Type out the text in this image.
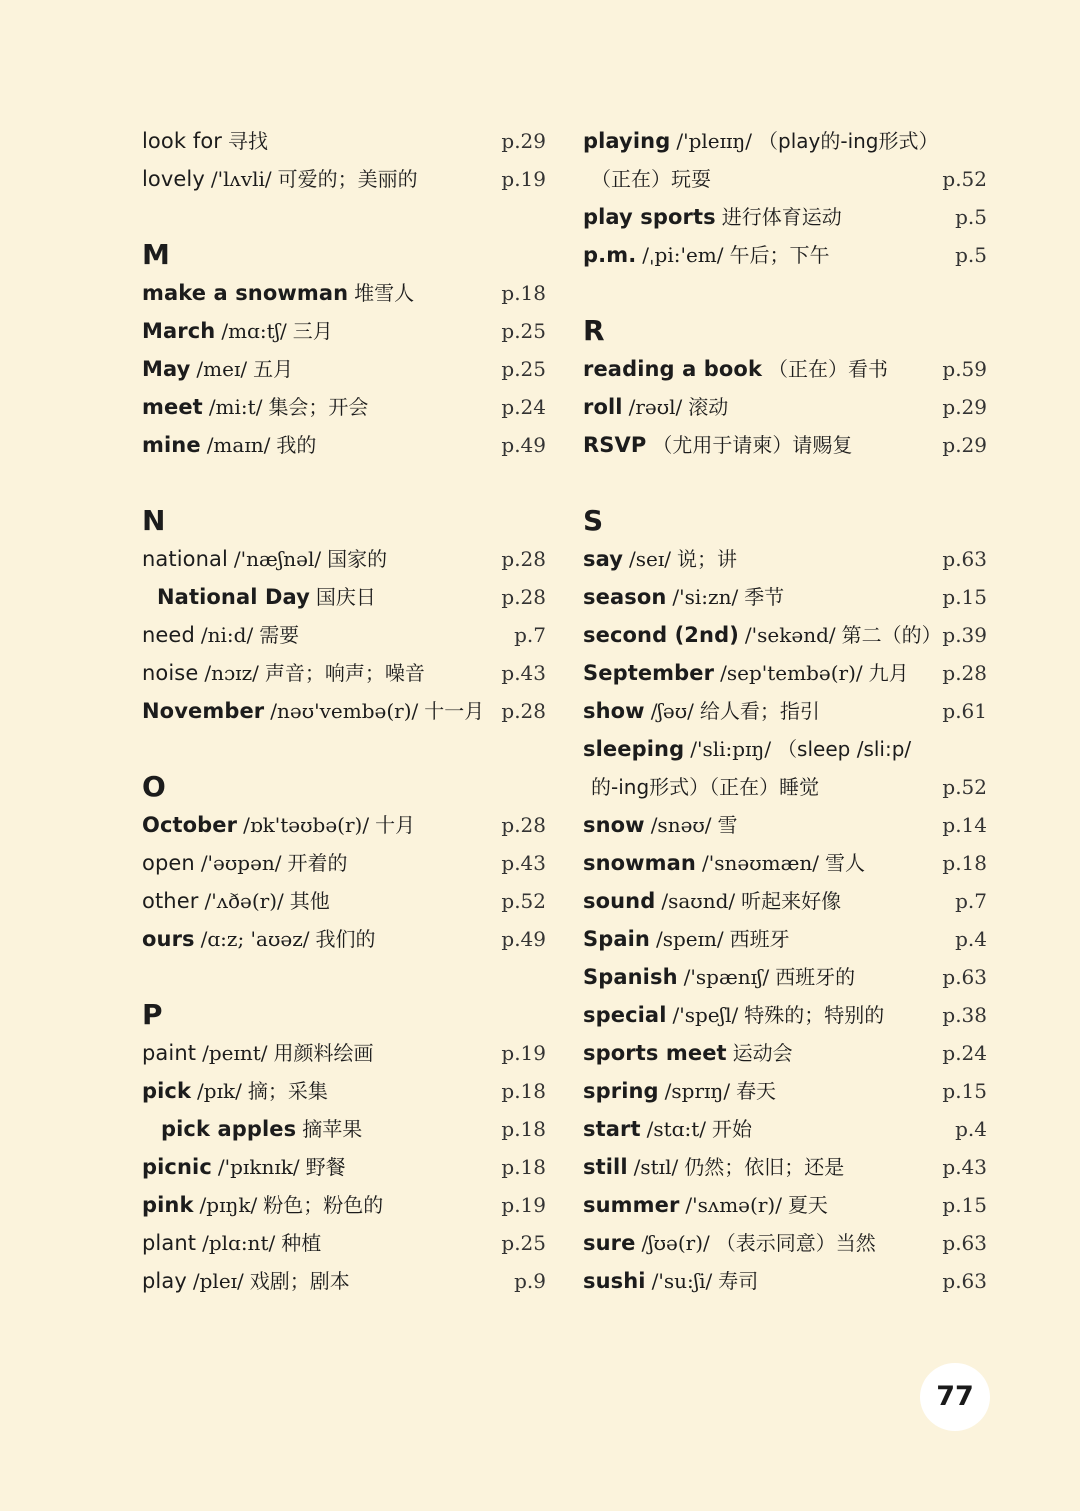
look for 寻找	p.29
lovely /'lʌvli/ 可爱的；美丽的	p.19
M
make a snowman 堆雪人	p.18
March /mɑ:tʃ/ 三月	p.25
May /meɪ/ 五月	p.25
meet /mi:t/ 集会；开会	p.24
mine /maɪn/ 我的	p.49
N
national /'næʃnəl/ 国家的	p.28
National Day 国庆日	p.28
need /ni:d/ 需要	p.7
noise /nɔɪz/ 声音；响声；噪音	p.43
November /nəʊ'vembə(r)/ 十一月 p.28
O
October /ɒk'təʊbə(r)/ 十月	p.28
open /'əʊpən/ 开着的	p.43
other /'ʌðə(r)/ 其他	p.52
ours /ɑ:z; 'aʊəz/ 我们的	p.49
P
paint /peɪnt/ 用颜料绘画	p.19
pick /pɪk/ 摘；采集	p.18
pick apples 摘苹果	p.18
picnic /'pɪknɪk/ 野餐	p.18
pink /pɪŋk/ 粉色；粉色的	p.19
plant /plɑ:nt/ 种植	p.25
play /pleɪ/ 戏剧；剧本	p.9
playing /'pleɪɪŋ/ （play的-ing形式）
（正在）玩耍	p.52
play sports 进行体育运动	p.5
p.m. /ˌpi:'em/ 午后；下午	p.5
R
reading a book （正在）看书	p.59
roll /rəʊl/ 滚动	p.29
RSVP （尤用于请柬）请赐复	p.29
S
say /seɪ/ 说；讲	p.63
season /'si:zn/ 季节	p.15
second (2nd) /'sekənd/ 第二（的） p.39
September /sep'tembə(r)/ 九月 p.28
show /ʃəʊ/ 给人看；指引	p.61
sleeping /'sli:pɪŋ/ （sleep /sli:p/
的-ing形式）（正在）睡觉	p.52
snow /snəʊ/ 雪	p.14
snowman /'snəʊmæn/ 雪人	p.18
sound /saʊnd/ 听起来好像	p.7
Spain /speɪn/ 西班牙	p.4
Spanish /'spænɪʃ/ 西班牙的	p.63
special /'speʃl/ 特殊的；特别的	p.38
sports meet 运动会	p.24
spring /sprɪŋ/ 春天	p.15
start /stɑ:t/ 开始	p.4
still /stɪl/ 仍然；依旧；还是	p.43
summer /'sʌmə(r)/ 夏天	p.15
sure /ʃʊə(r)/ （表示同意）当然	p.63
sushi /'su:ʃi/ 寿司	p.63
77
